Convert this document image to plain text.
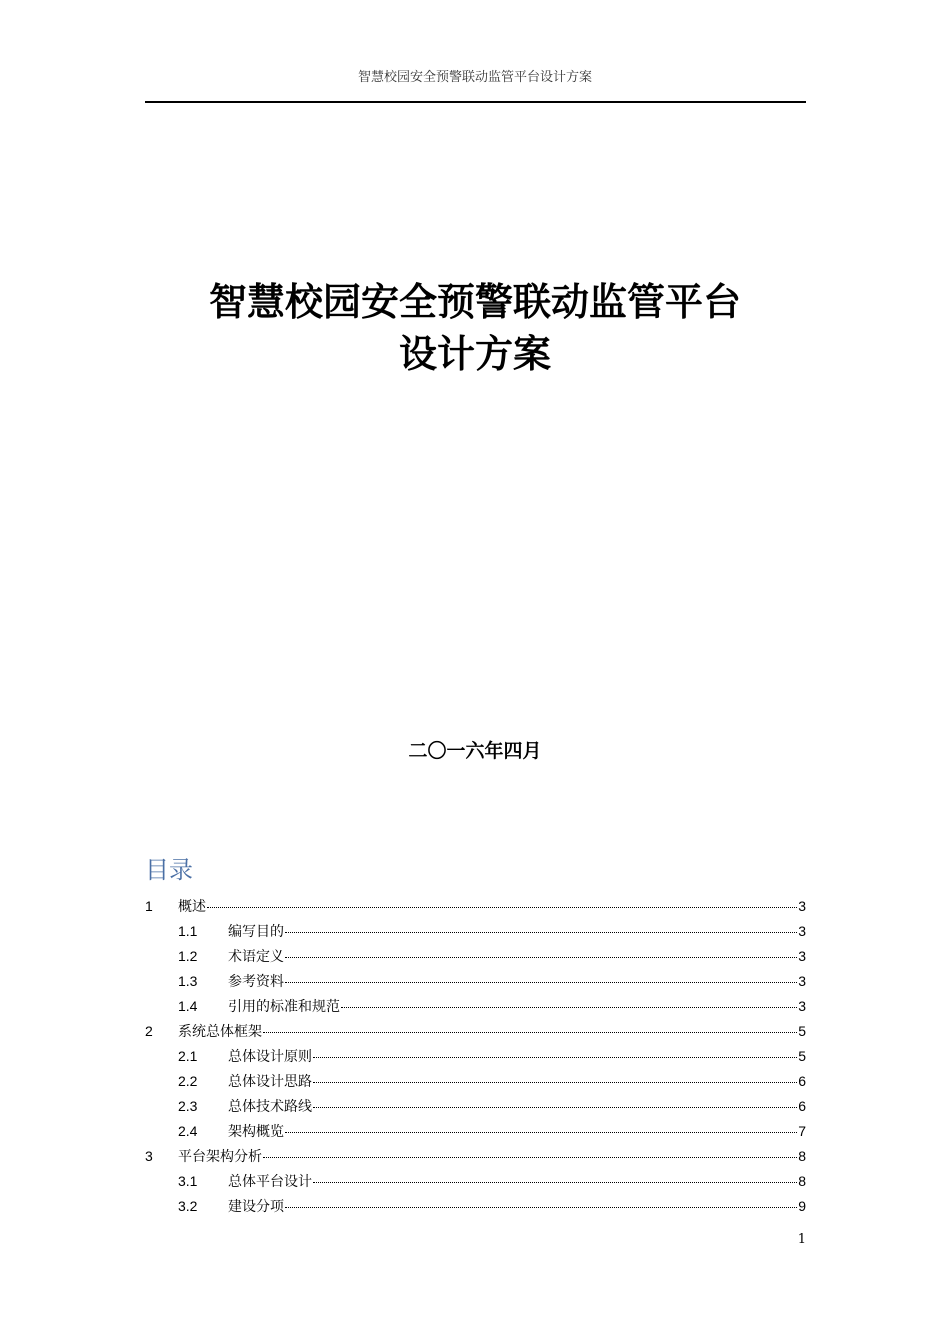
智慧校园安全预警联动监管平台设计方案
智慧校园安全预警联动监管平台
设计方案
二〇一六年四月
目录
1	概述	3
1.1	编写目的	3
1.2	术语定义	3
1.3	参考资料	3
1.4	引用的标准和规范	3
2	系统总体框架	5
2.1	总体设计原则	5
2.2	总体设计思路	6
2.3	总体技术路线	6
2.4	架构概览	7
3	平台架构分析	8
3.1	总体平台设计	8
3.2	建设分项	9
1
